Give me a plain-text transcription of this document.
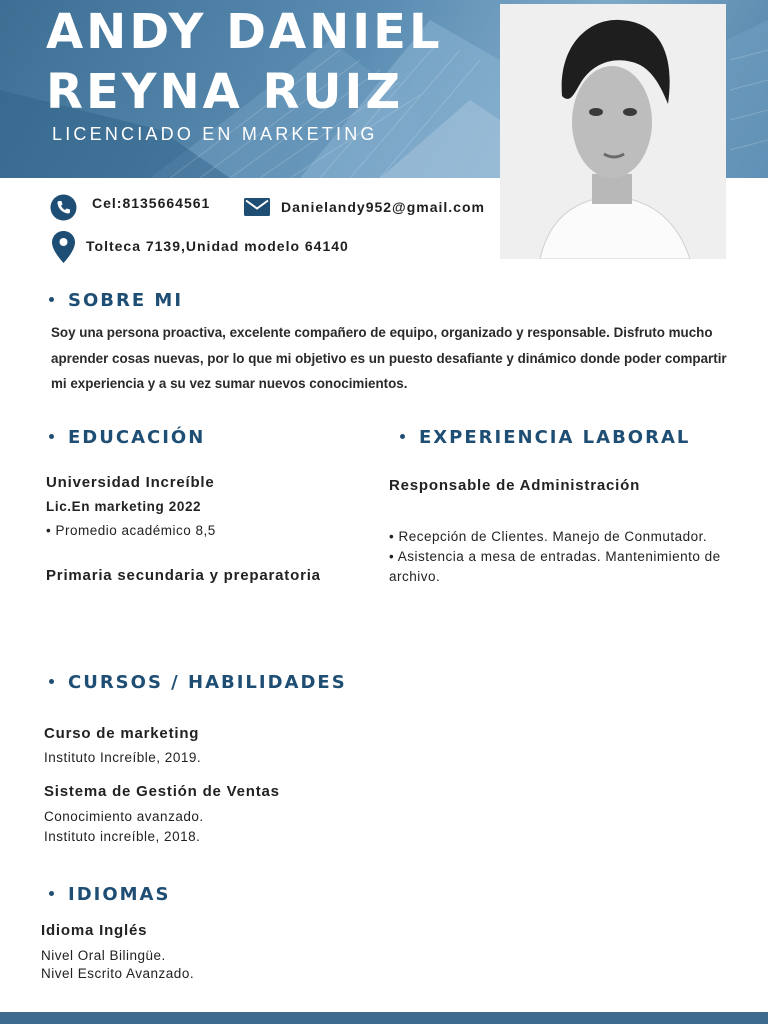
ANDY DANIEL
REYNA RUIZ
LICENCIADO EN MARKETING
Cel:8135664561	Danielandy952@gmail.com
Tolteca 7139,Unidad modelo 64140
SOBRE MI
Soy una persona proactiva, excelente compañero de equipo, organizado y responsable. Disfruto mucho aprender cosas nuevas, por lo que mi objetivo es un puesto desafiante y dinámico donde poder compartir mi experiencia y a su vez sumar nuevos conocimientos.
EDUCACIÓN
Universidad Increíble
Lic.En marketing 2022
• Promedio académico 8,5
Primaria secundaria y preparatoria
EXPERIENCIA LABORAL
Responsable de Administración
• Recepción de Clientes. Manejo de Conmutador.
• Asistencia a mesa de entradas. Mantenimiento de archivo.
CURSOS / HABILIDADES
Curso de marketing
Instituto Increíble, 2019.
Sistema de Gestión de Ventas
Conocimiento avanzado.
Instituto increíble, 2018.
IDIOMAS
Idioma Inglés
Nivel Oral Bilingüe.
Nivel Escrito Avanzado.
